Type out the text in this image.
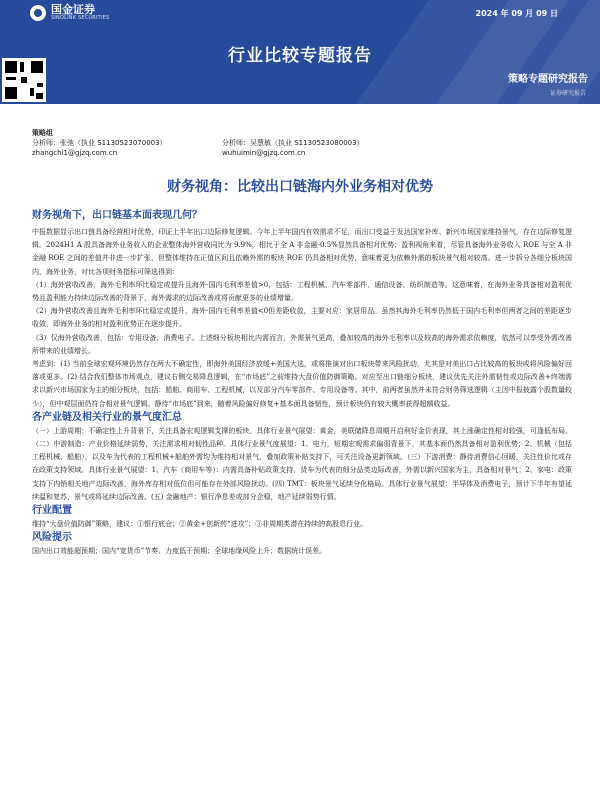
国金证券
SINOLINK SECURITIES	2024 年 09 月 09 日
行业比较专题报告
策略专题研究报告
证券研究报告
策略组
分析师：张弛（执业 S1130523070003）	分析师：吴慧敏（执业 S1130523080003）
zhangchi1@gjzq.com.cn	wuhuimin@gjzq.com.cn
财务视角：比较出口链海内外业务相对优势
财务视角下，出口链基本面表现几何？

中报数据显示出口链具备经营相对优势，印证上半年出口边际修复逻辑。今年上半年国内有效需求不足，而出口受益于发达国家补库、新兴市场国家维持景气，存在边际修复逻辑。2024H1 A 股具备海外业务收入的企业整体海外营收同比为 9.9%，相比于全 A 非金融-0.5%显然具备相对优势；盈利视角来看，尽管具备海外业务收入 ROE 与全 A 非金融 ROE 之间的差值并非进一步扩张，但整体维持在正值区间且依赖外需的板块 ROE 仍具备相对优势，意味着更为依赖外需的板块景气相对较高。进一步拆分各细分板块国内、海外业务，对比各项财务指标可筛选得到：

（1）海外营收改善，海外毛利率环比稳定或提升且海外-国内毛利率差值>0，包括：工程机械、汽车零部件、通信设备、纺织制造等。这意味着，在海外业务具备相对盈利优势且盈利能力持续边际改善的背景下，海外需求的边际改善或将贡献更多的业绩增量。

（2）海外营收改善且海外毛利率环比稳定或提升，海外-国内毛利率差值<0但差距收敛，主要对应：家居用品。虽然其海外毛利率仍然低于国内毛利率但两者之间的差距逐步收敛，即海外业务的相对盈利优势正在逐步提升。

（3）仅海外营收改善，包括：专用设备、消费电子。上述细分板块相比内需而言，外需景气更高，叠加较高的海外毛利率以及较高的海外需求依赖度，依然可以享受外需改善所带来的业绩增长。

考虑到：(1) 当前全球宏观环境仍然存在两大不确定性，即海外美国经济放缓+美国大选，或将推演对出口板块带来风险扰动，尤其是对美出口占比较高的板块或将风险偏好回落或更多。(2) 结合我们整体市场观点，建议右侧交易降息逻辑，在“市场底”之前维持大盘价值防御策略。对应至出口链细分板块，建议优先关注外需韧性或边际改善+终端需求以新兴市场国家为主的细分板块，包括：船舶、商用车、工程机械，以及部分汽车零部件、专用设备等。其中，前两者虽然并未符合财务筛选逻辑（主因中报披露个股数量较少），但中观层面仍符合相对景气逻辑。静待“市场底”到来，随着风险偏好修复+基本面具备韧性，预计板块仍有较大概率获得超额收益。

各产业链及相关行业的景气度汇总

（一）上游周期：不确定性上升背景下，关注具备宏观逻辑支撑的板块。具体行业景气展望：黄金，美联储降息周期开启利好金价表现，其上涨确定性相对较强，可逢低布局。（二）中游制造：产业价格延续弱势，关注需求相对韧性品种。具体行业景气度展望：1、电力，短期宏观需求偏弱背景下，其基本面仍然具备相对盈利优势；2、机械（包括工程机械、船舶），以及车为代表的工程机械+船舶外需均为维持相对景气，叠加政策补贴支持下，可关注设备更新领域。（三）下游消费：静待消费信心回暖，关注性价比或存在政策支持领域。具体行业景气展望：1、汽车（商用车等）：内需具备补贴政策支持，货车为代表的细分品类边际改善，外需以新兴国家为主，具备相对景气；2、家电：政策支持下内销相关地产边际改善，海外库存相对低位但可能存在外部风险扰动。(四) TMT：板块景气延续分化格局。具体行业景气展望：半导体及消费电子，预计下半年有望延续温和复苏，景气或将延续边际改善。(五) 金融地产：银行净息差或部分企稳，地产延续弱势行情。

行业配置

维持“大盘价值防御”策略，建议：①银行底仓；②黄金+创新药“进攻”；③非周期类潜在持续的高股息行业。

风险提示

国内出口效能超预期；国内“宽货币”节奏、力度低于预期；全球地缘风险上升；数据统计误差。
